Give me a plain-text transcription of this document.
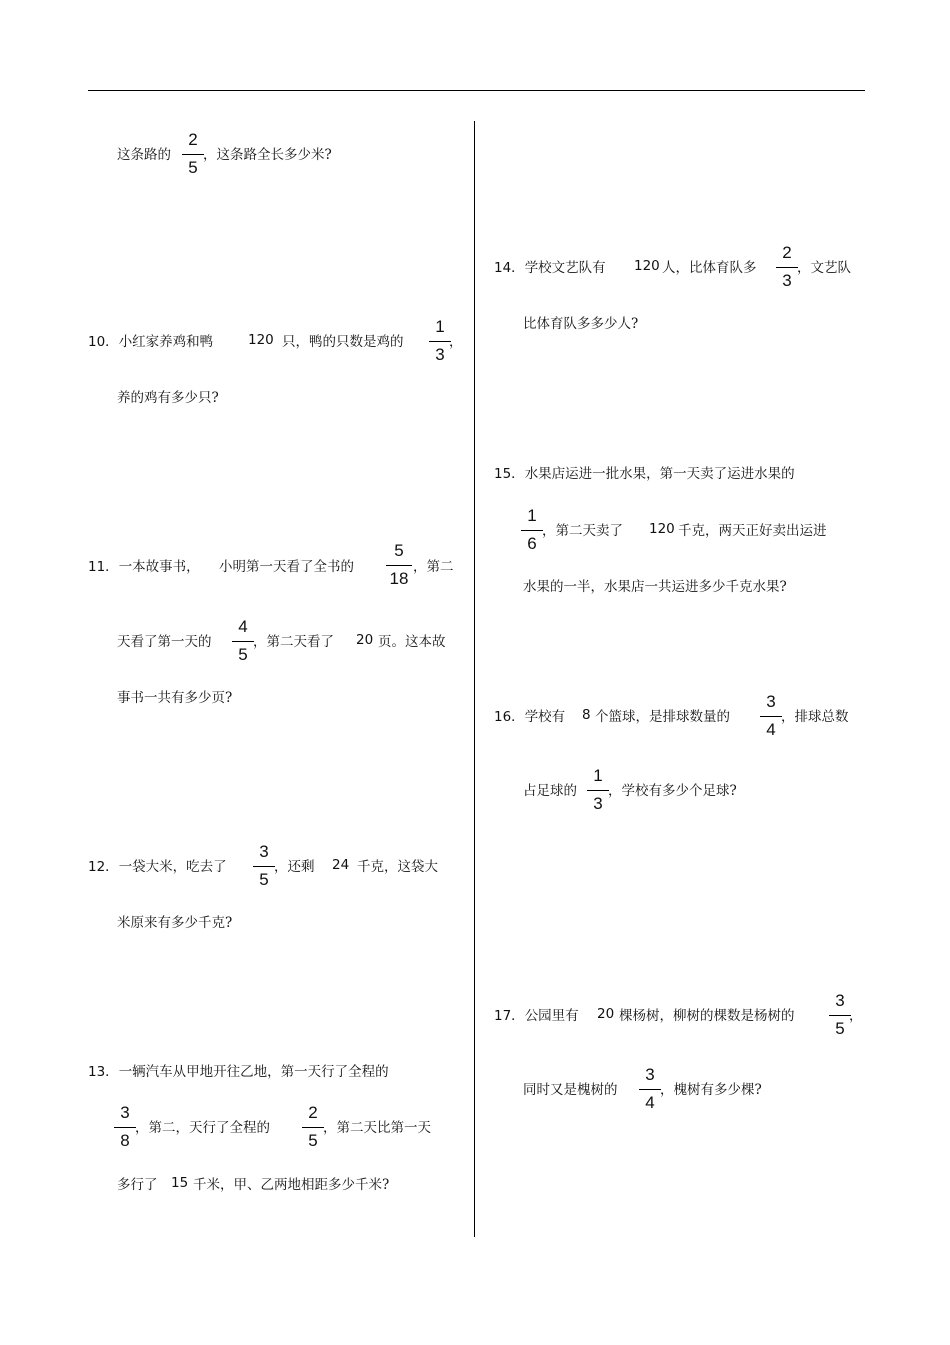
这条路的
2
5
，这条路全长多少米?
10． 小红家养鸡和鸭	120 只，鸭的只数是鸡的
1
3
，
养的鸡有多少只?
11． 一本故事书， 小明第一天看了全书的
5
18
，第二
天看了第一天的
4
5
，第二天看了 20 页。这本故
事书一共有多少页?
12． 一袋大米，吃去了
3
5
，还剩 24 千克，这袋大
米原来有多少千克?
13． 一辆汽车从甲地开往乙地，第一天行了全程的
3
8
，第二，天行了全程的
2
5
，第二天比第一天
多行了 15 千米，甲、乙两地相距多少千米?
14． 学校文艺队有 120 人，比体育队多
2
3
，文艺队
比体育队多多少人?
15． 水果店运进一批水果，第一天卖了运进水果的
1
6
，第二天卖了 120 千克，两天正好卖出运进
水果的一半，水果店一共运进多少千克水果?
16． 学校有 8 个篮球，是排球数量的
3
4
，排球总数
占足球的
1
3
，学校有多少个足球?
17． 公园里有 20 棵杨树，柳树的棵数是杨树的
3
5
，
同时又是槐树的
3
4
，槐树有多少棵?
